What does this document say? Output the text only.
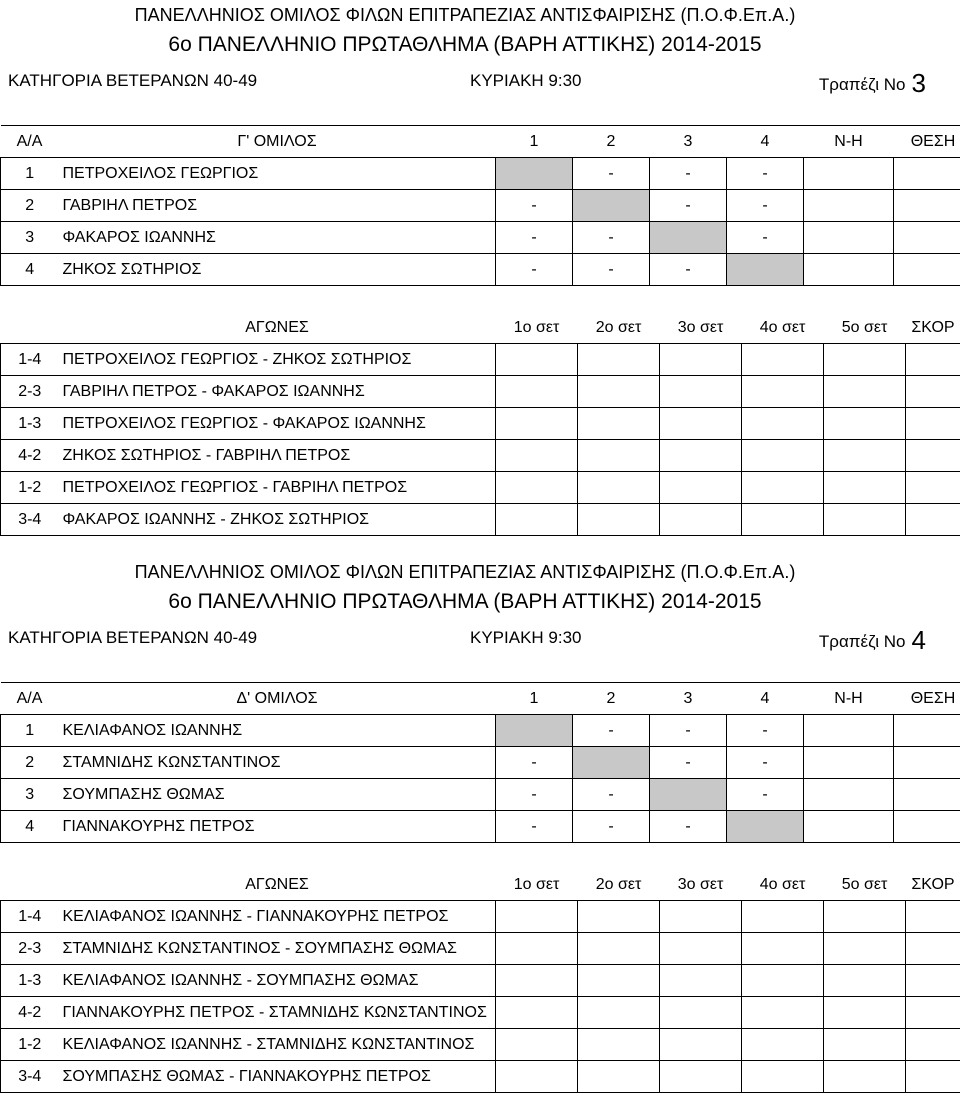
ΠΑΝΕΛΛΗΝΙΟΣ ΟΜΙΛΟΣ ΦΙΛΩΝ ΕΠΙΤΡΑΠΕΖΙΑΣ ΑΝΤΙΣΦΑΙΡΙΣΗΣ (Π.Ο.Φ.Επ.Α.)
6ο ΠΑΝΕΛΛΗΝΙΟ ΠΡΩΤΑΘΛΗΜΑ (ΒΑΡΗ ΑΤΤΙΚΗΣ) 2014-2015
ΚΑΤΗΓΟΡΙΑ ΒΕΤΕΡΑΝΩΝ 40-49	ΚΥΡΙΑΚΗ 9:30	Τραπέζι Νο 3
Α/Α	Γ' ΟΜΙΛΟΣ	1	2	3	4	Ν-Η	ΘΕΣΗ
1	ΠΕΤΡΟΧΕΙΛΟΣ ΓΕΩΡΓΙΟΣ		-	-	-		
2	ΓΑΒΡΙΗΛ ΠΕΤΡΟΣ	-		-	-		
3	ΦΑΚΑΡΟΣ ΙΩΑΝΝΗΣ	-	-		-		
4	ΖΗΚΟΣ ΣΩΤΗΡΙΟΣ	-	-	-			
	ΑΓΩΝΕΣ	1ο σετ	2ο σετ	3ο σετ	4ο σετ	5ο σετ	ΣΚΟΡ
1-4	ΠΕΤΡΟΧΕΙΛΟΣ ΓΕΩΡΓΙΟΣ - ΖΗΚΟΣ ΣΩΤΗΡΙΟΣ						
2-3	ΓΑΒΡΙΗΛ ΠΕΤΡΟΣ - ΦΑΚΑΡΟΣ ΙΩΑΝΝΗΣ						
1-3	ΠΕΤΡΟΧΕΙΛΟΣ ΓΕΩΡΓΙΟΣ - ΦΑΚΑΡΟΣ ΙΩΑΝΝΗΣ						
4-2	ΖΗΚΟΣ ΣΩΤΗΡΙΟΣ - ΓΑΒΡΙΗΛ ΠΕΤΡΟΣ						
1-2	ΠΕΤΡΟΧΕΙΛΟΣ ΓΕΩΡΓΙΟΣ - ΓΑΒΡΙΗΛ ΠΕΤΡΟΣ						
3-4	ΦΑΚΑΡΟΣ ΙΩΑΝΝΗΣ - ΖΗΚΟΣ ΣΩΤΗΡΙΟΣ						
ΠΑΝΕΛΛΗΝΙΟΣ ΟΜΙΛΟΣ ΦΙΛΩΝ ΕΠΙΤΡΑΠΕΖΙΑΣ ΑΝΤΙΣΦΑΙΡΙΣΗΣ (Π.Ο.Φ.Επ.Α.)
6ο ΠΑΝΕΛΛΗΝΙΟ ΠΡΩΤΑΘΛΗΜΑ (ΒΑΡΗ ΑΤΤΙΚΗΣ) 2014-2015
ΚΑΤΗΓΟΡΙΑ ΒΕΤΕΡΑΝΩΝ 40-49	ΚΥΡΙΑΚΗ 9:30	Τραπέζι Νο 4
Α/Α	Δ' ΟΜΙΛΟΣ	1	2	3	4	Ν-Η	ΘΕΣΗ
1	ΚΕΛΙΑΦΑΝΟΣ ΙΩΑΝΝΗΣ		-	-	-		
2	ΣΤΑΜΝΙΔΗΣ ΚΩΝΣΤΑΝΤΙΝΟΣ	-		-	-		
3	ΣΟΥΜΠΑΣΗΣ ΘΩΜΑΣ	-	-		-		
4	ΓΙΑΝΝΑΚΟΥΡΗΣ ΠΕΤΡΟΣ	-	-	-			
	ΑΓΩΝΕΣ	1ο σετ	2ο σετ	3ο σετ	4ο σετ	5ο σετ	ΣΚΟΡ
1-4	ΚΕΛΙΑΦΑΝΟΣ ΙΩΑΝΝΗΣ - ΓΙΑΝΝΑΚΟΥΡΗΣ ΠΕΤΡΟΣ						
2-3	ΣΤΑΜΝΙΔΗΣ ΚΩΝΣΤΑΝΤΙΝΟΣ - ΣΟΥΜΠΑΣΗΣ ΘΩΜΑΣ						
1-3	ΚΕΛΙΑΦΑΝΟΣ ΙΩΑΝΝΗΣ - ΣΟΥΜΠΑΣΗΣ ΘΩΜΑΣ						
4-2	ΓΙΑΝΝΑΚΟΥΡΗΣ ΠΕΤΡΟΣ - ΣΤΑΜΝΙΔΗΣ ΚΩΝΣΤΑΝΤΙΝΟΣ						
1-2	ΚΕΛΙΑΦΑΝΟΣ ΙΩΑΝΝΗΣ - ΣΤΑΜΝΙΔΗΣ ΚΩΝΣΤΑΝΤΙΝΟΣ						
3-4	ΣΟΥΜΠΑΣΗΣ ΘΩΜΑΣ - ΓΙΑΝΝΑΚΟΥΡΗΣ ΠΕΤΡΟΣ						
